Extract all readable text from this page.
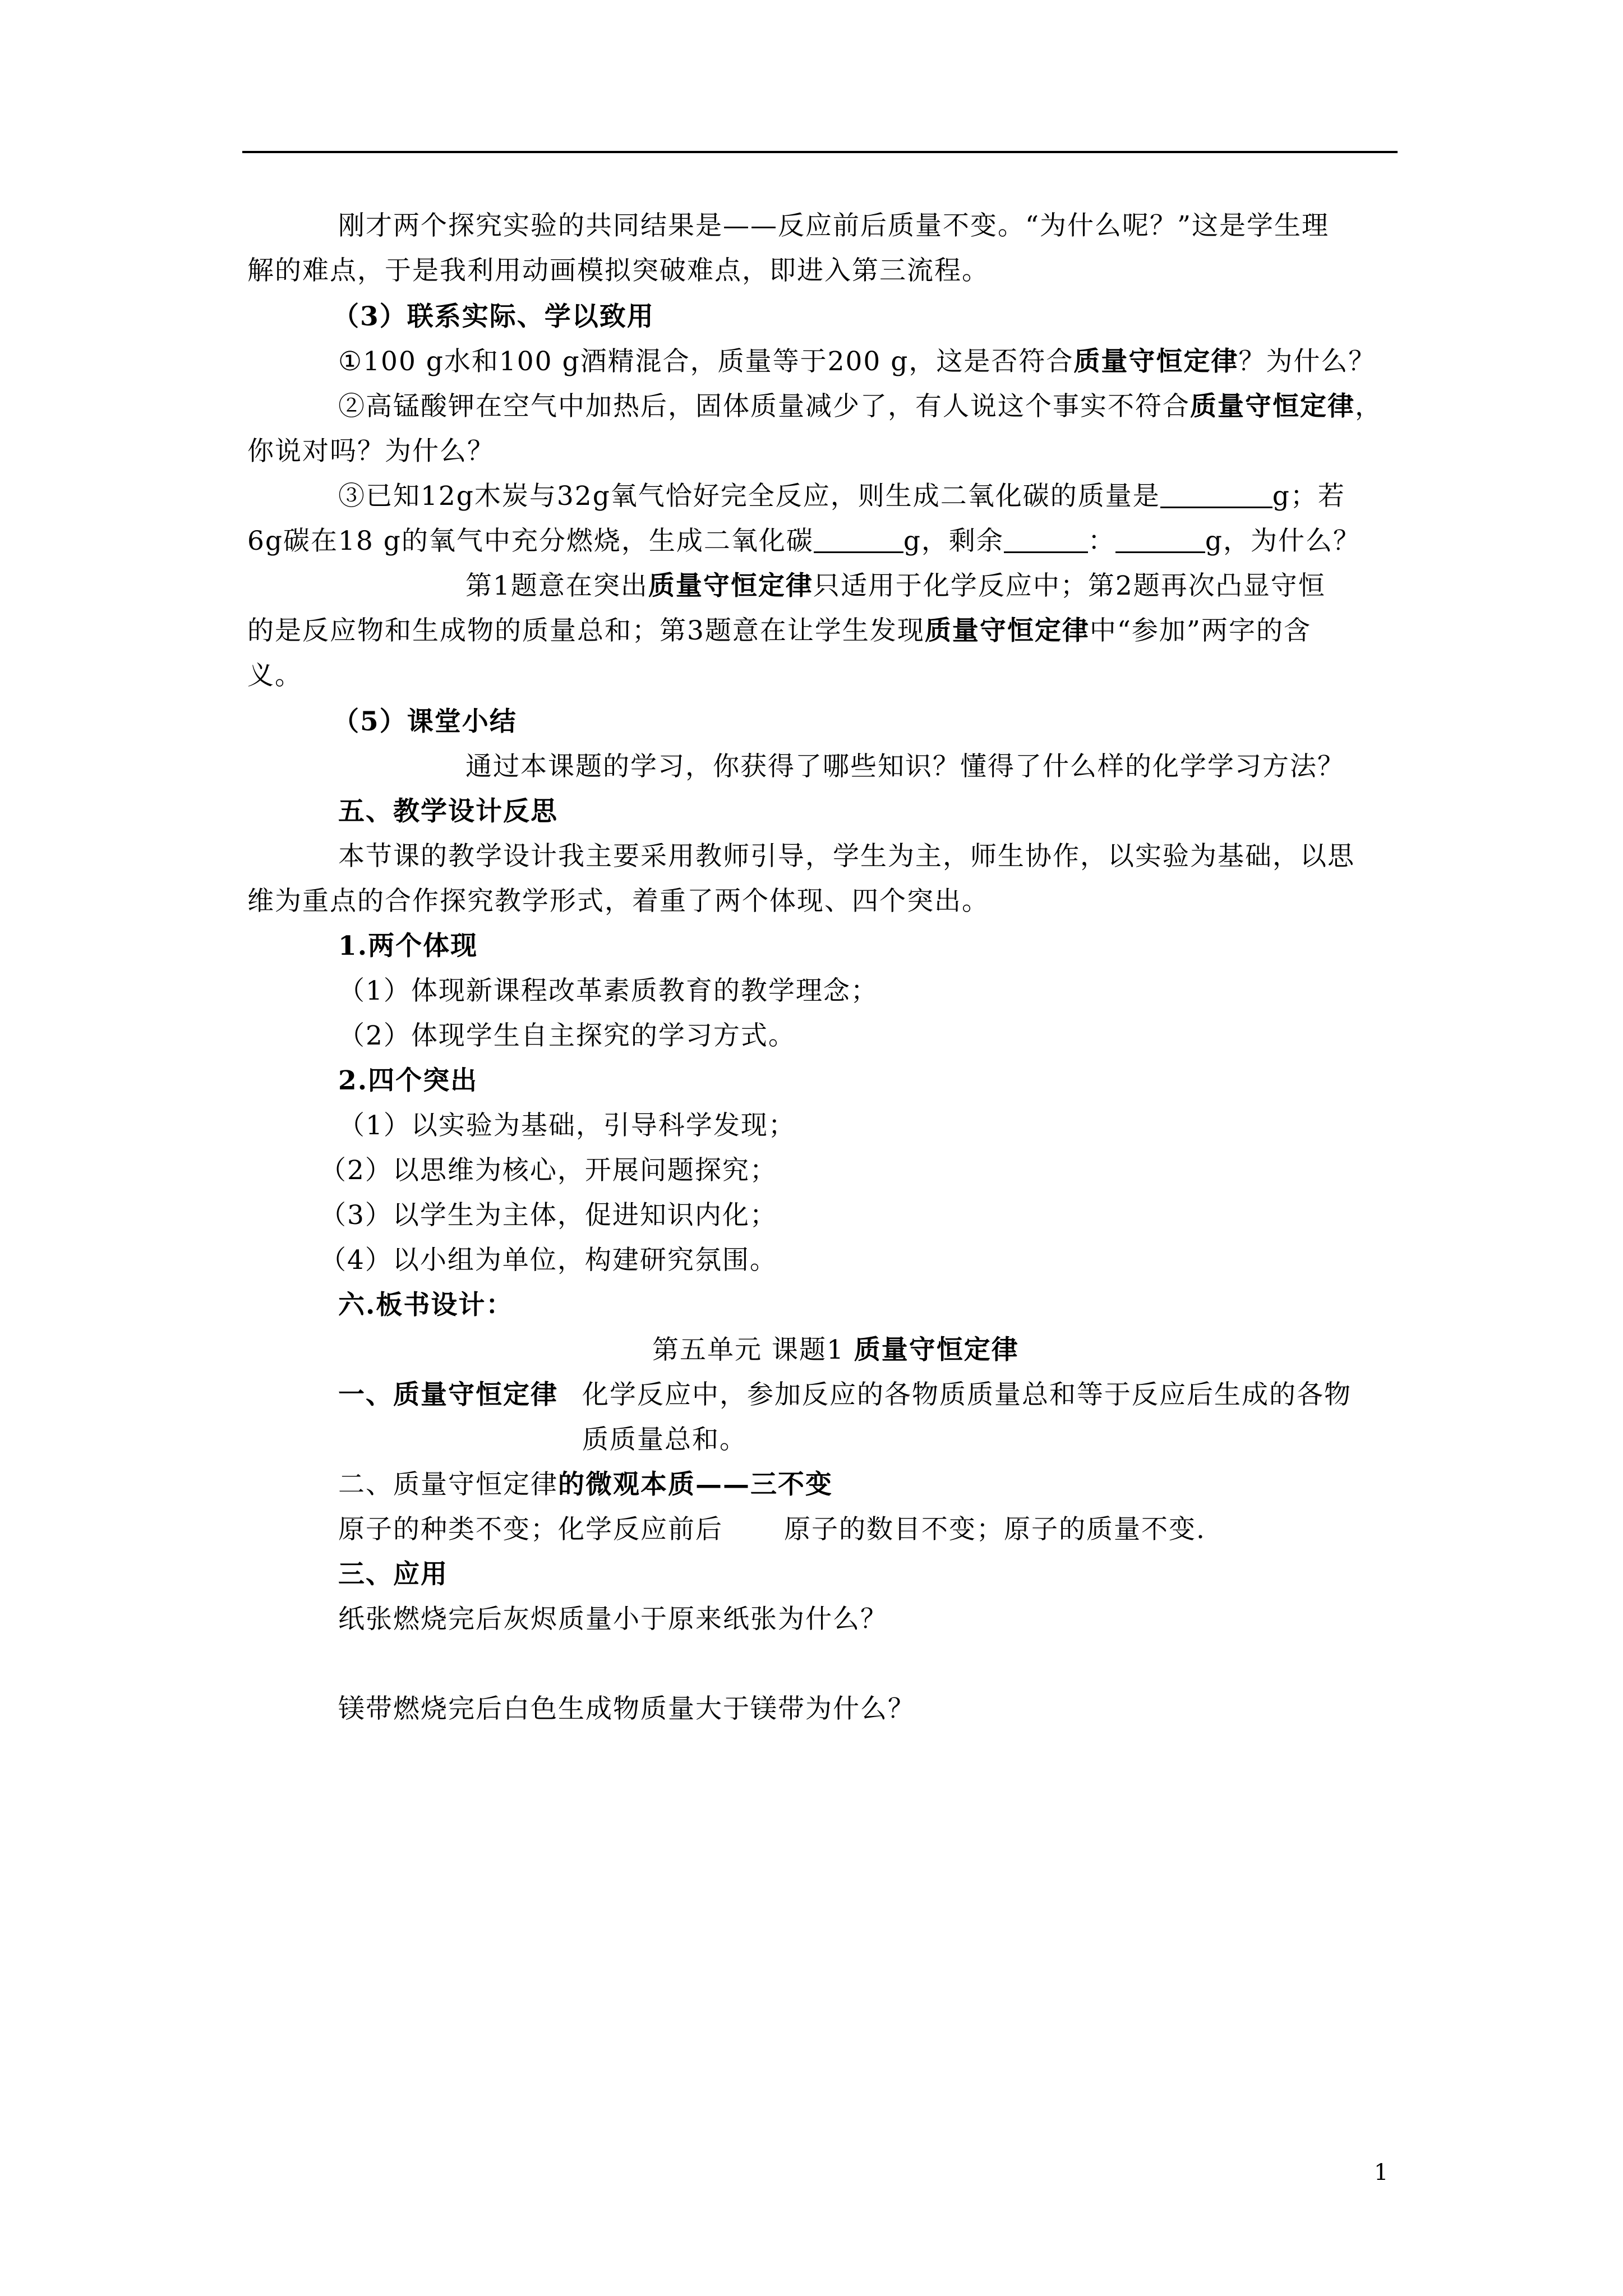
刚才两个探究实验的共同结果是——反应前后质量不变。“为什么呢？”这是学生理
解的难点，于是我利用动画模拟突破难点，即进入第三流程。
（3）联系实际、学以致用
①100 g水和100 g酒精混合，质量等于200 g，这是否符合质量守恒定律？为什么？
②高锰酸钾在空气中加热后，固体质量减少了，有人说这个事实不符合质量守恒定律，
你说对吗？为什么？
③已知12g木炭与32g氧气恰好完全反应，则生成二氧化碳的质量是	g；若
6g碳在18 g的氧气中充分燃烧，生成二氧化碳	g，剩余	：	g，为什么？
第1题意在突出质量守恒定律只适用于化学反应中；第2题再次凸显守恒
的是反应物和生成物的质量总和；第3题意在让学生发现质量守恒定律中“参加”两字的含
义。
（5）课堂小结
通过本课题的学习，你获得了哪些知识？懂得了什么样的化学学习方法？
五、教学设计反思
本节课的教学设计我主要采用教师引导，学生为主，师生协作，以实验为基础，以思
维为重点的合作探究教学形式，着重了两个体现、四个突出。
1.两个体现
（1）体现新课程改革素质教育的教学理念；
（2）体现学生自主探究的学习方式。
2.四个突出
（1）以实验为基础，引导科学发现；
（2）以思维为核心，开展问题探究；
（3）以学生为主体，促进知识内化；
（4）以小组为单位，构建研究氛围。
六.板书设计：
第五单元 课题1 质量守恒定律
一、质量守恒定律 化学反应中，参加反应的各物质质量总和等于反应后生成的各物
质质量总和。
二、质量守恒定律的微观本质——三不变
原子的种类不变；化学反应前后 原子的数目不变；原子的质量不变.
三、应用
纸张燃烧完后灰烬质量小于原来纸张为什么？
镁带燃烧完后白色生成物质量大于镁带为什么？
1
